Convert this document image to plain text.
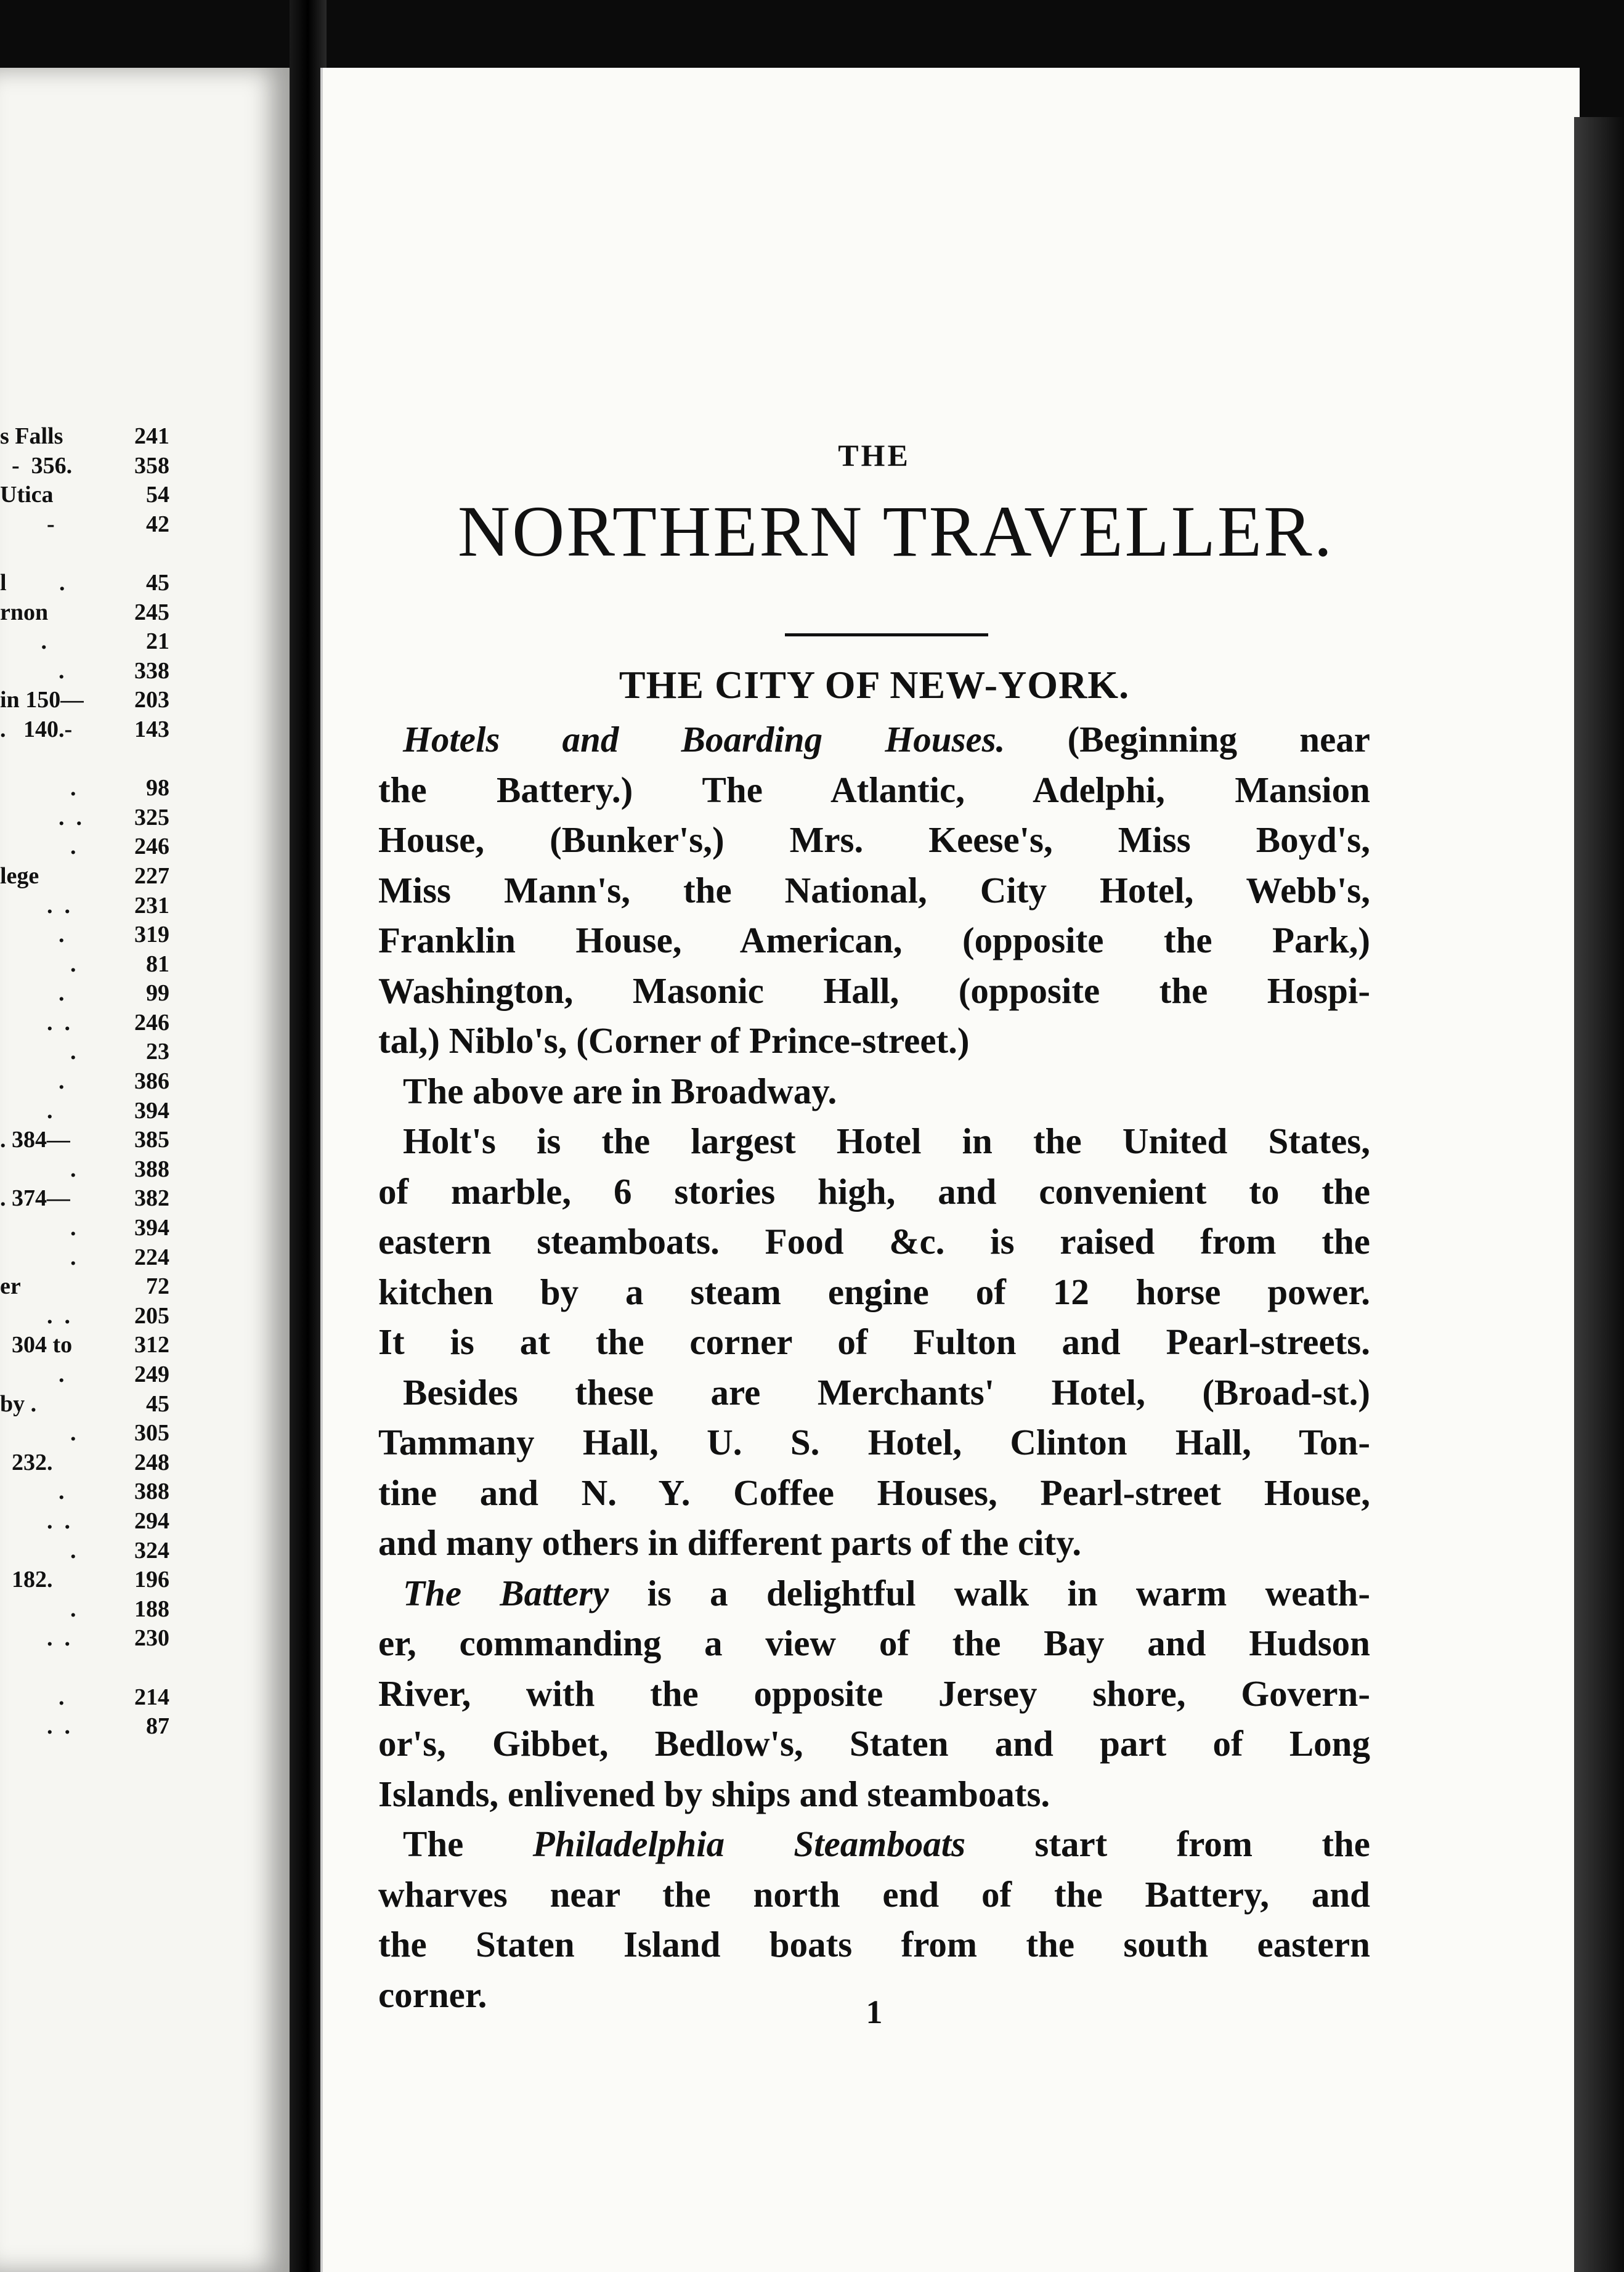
s Falls	241
-  356.	358
Utica	54
-	42
l         .	45
rnon	245
.	21
.	338
in 150— 203
.   140.-	143
.	98
.  . 325
. 246
lege	227
.  .	231
.	319
.	81
.	99
.  .	246
.	23
.	386
.	394
. 384—	385
. 388
. 374—	382
. 394
. 224
er	72
.  .	205
304 to	312
.	249
by .	45
. 305
232.	248
.	388
.  .	294
. 324
182.	196
. 188
.  .	230
.	214
.  .	87
THE
NORTHERN TRAVELLER.
THE CITY OF NEW-YORK.
Hotels and Boarding Houses. (Beginning near
the Battery.) The Atlantic, Adelphi, Mansion
House, (Bunker's,) Mrs. Keese's, Miss Boyd's,
Miss Mann's, the National, City Hotel, Webb's,
Franklin House, American, (opposite the Park,)
Washington, Masonic Hall, (opposite the Hospi-
tal,) Niblo's, (Corner of Prince-street.)
The above are in Broadway.
Holt's is the largest Hotel in the United States,
of marble, 6 stories high, and convenient to the
eastern steamboats. Food &c. is raised from the
kitchen by a steam engine of 12 horse power.
It is at the corner of Fulton and Pearl-streets.
Besides these are Merchants' Hotel, (Broad-st.)
Tammany Hall, U. S. Hotel, Clinton Hall, Ton-
tine and N. Y. Coffee Houses, Pearl-street House,
and many others in different parts of the city.
The Battery is a delightful walk in warm weath-
er, commanding a view of the Bay and Hudson
River, with the opposite Jersey shore, Govern-
or's, Gibbet, Bedlow's, Staten and part of Long
Islands, enlivened by ships and steamboats.
The Philadelphia Steamboats start from the
wharves near the north end of the Battery, and
the Staten Island boats from the south eastern
corner.	1
